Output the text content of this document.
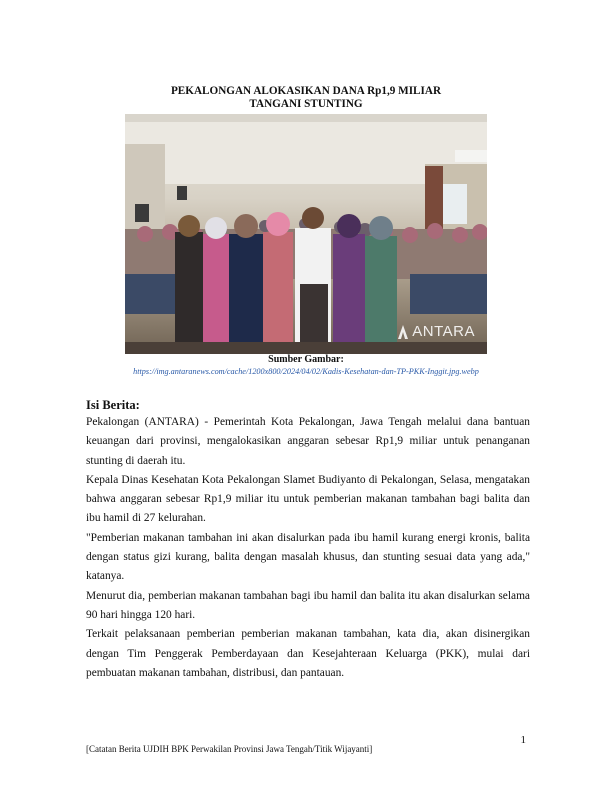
PEKALONGAN ALOKASIKAN DANA Rp1,9 MILIAR
TANGANI STUNTING
ANTARA
Sumber Gambar:
https://img.antaranews.com/cache/1200x800/2024/04/02/Kadis-Kesehatan-dan-TP-PKK-Inggit.jpg.webp
Isi Berita:

Pekalongan (ANTARA) - Pemerintah Kota Pekalongan, Jawa Tengah melalui dana bantuan keuangan dari provinsi, mengalokasikan anggaran sebesar Rp1,9 miliar untuk penanganan stunting di daerah itu.

Kepala Dinas Kesehatan Kota Pekalongan Slamet Budiyanto di Pekalongan, Selasa, mengatakan bahwa anggaran sebesar Rp1,9 miliar itu untuk pemberian makanan tambahan bagi balita dan ibu hamil di 27 kelurahan.

"Pemberian makanan tambahan ini akan disalurkan pada ibu hamil kurang energi kronis, balita dengan status gizi kurang, balita dengan masalah khusus, dan stunting sesuai data yang ada," katanya.

Menurut dia, pemberian makanan tambahan bagi ibu hamil dan balita itu akan disalurkan selama 90 hari hingga 120 hari.

Terkait pelaksanaan pemberian pemberian makanan tambahan, kata dia, akan disinergikan dengan Tim Penggerak Pemberdayaan dan Kesejahteraan Keluarga (PKK), mulai dari pembuatan makanan tambahan, distribusi, dan pantauan.

1
[Catatan Berita UJDIH BPK Perwakilan Provinsi Jawa Tengah/Titik Wijayanti]
